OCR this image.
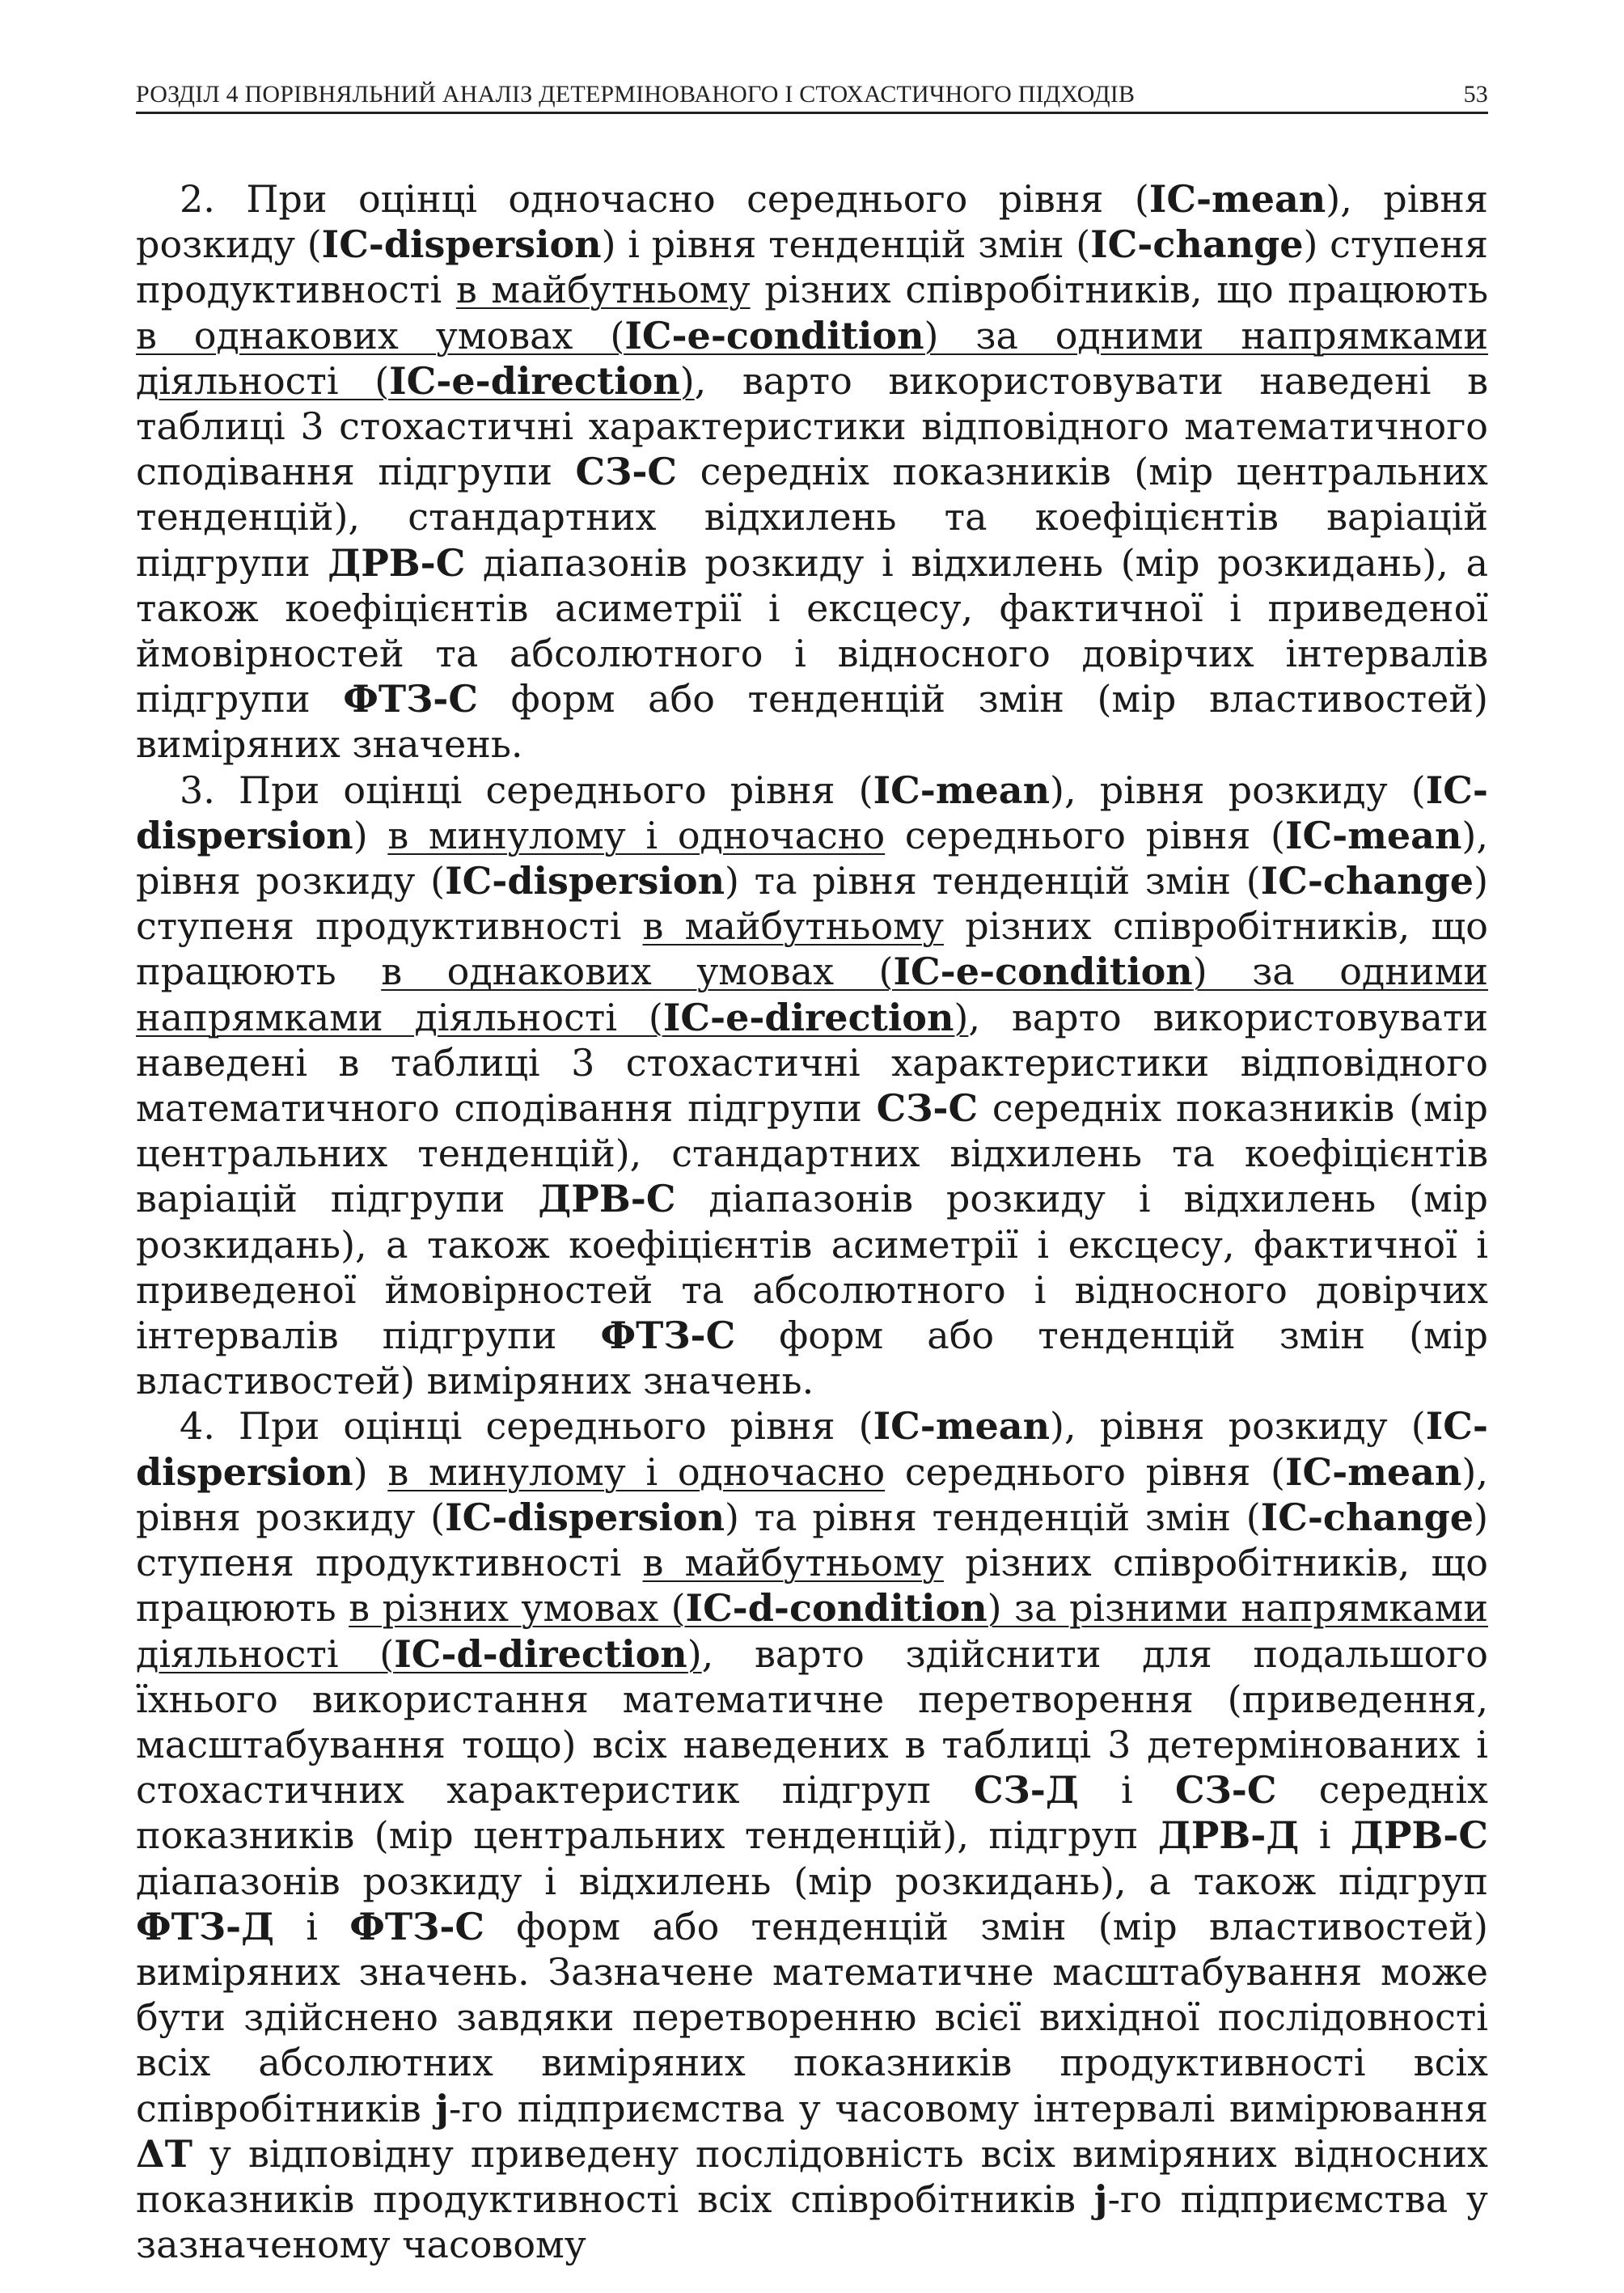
РОЗДІЛ 4 ПОРІВНЯЛЬНИЙ АНАЛІЗ ДЕТЕРМІНОВАНОГО І СТОХАСТИЧНОГО ПІДХОДІВ	53

2. При оцінці одночасно середнього рівня (IC-mean), рівня розкиду (IC-dispersion) і рівня тенденцій змін (IC-change) ступеня продуктивності в майбутньому різних співробітників, що працюють в однакових умовах (IC-e-condition) за одними напрямками діяльності (IC-e-direction), варто використовувати наведені в таблиці 3 стохастичні характеристики відповідного математичного сподівання підгрупи СЗ-С середніх показників (мір центральних тенденцій), стандартних відхилень та коефіцієнтів варіацій підгрупи ДРВ-С діапазонів розкиду і відхилень (мір розкидань), а також коефіцієнтів асиметрії і ексцесу, фактичної і приведеної ймовірностей та абсолютного і відносного довірчих інтервалів підгрупи ФТЗ-С форм або тенденцій змін (мір властивостей) виміряних значень.

3. При оцінці середнього рівня (IC-mean), рівня розкиду (IC-dispersion) в минулому і одночасно середнього рівня (IC-mean), рівня розкиду (IC-dispersion) та рівня тенденцій змін (IC-change) ступеня продуктивності в майбутньому різних співробітників, що працюють в однакових умовах (IC-e-condition) за одними напрямками діяльності (IC-e-direction), варто використовувати наведені в таблиці 3 стохастичні характеристики відповідного математичного сподівання підгрупи СЗ-С середніх показників (мір центральних тенденцій), стандартних відхилень та коефіцієнтів варіацій підгрупи ДРВ-С діапазонів розкиду і відхилень (мір розкидань), а також коефіцієнтів асиметрії і ексцесу, фактичної і приведеної ймовірностей та абсолютного і відносного довірчих інтервалів підгрупи ФТЗ-С форм або тенденцій змін (мір властивостей) виміряних значень.

4. При оцінці середнього рівня (IC-mean), рівня розкиду (IC-dispersion) в минулому і одночасно середнього рівня (IC-mean), рівня розкиду (IC-dispersion) та рівня тенденцій змін (IC-change) ступеня продуктивності в майбутньому різних співробітників, що працюють в різних умовах (IC-d-condition) за різними напрямками діяльності (IC-d-direction), варто здійснити для подальшого їхнього використання математичне перетворення (приведення, масштабування тощо) всіх наведених в таблиці 3 детермінованих і стохастичних характеристик підгруп СЗ-Д і СЗ-С середніх показників (мір центральних тенденцій), підгруп ДРВ-Д і ДРВ-С діапазонів розкиду і відхилень (мір розкидань), а також підгруп ФТЗ-Д і ФТЗ-С форм або тенденцій змін (мір властивостей) виміряних значень. Зазначене математичне масштабування може бути здійснено завдяки перетворенню всієї вихідної послідовності всіх абсолютних виміряних показників продуктивності всіх співробітників j-го підприємства у часовому інтервалі вимірювання ΔT у відповідну приведену послідовність всіх виміряних відносних показників продуктивності всіх співробітників j-го підприємства у зазначеному часовому
